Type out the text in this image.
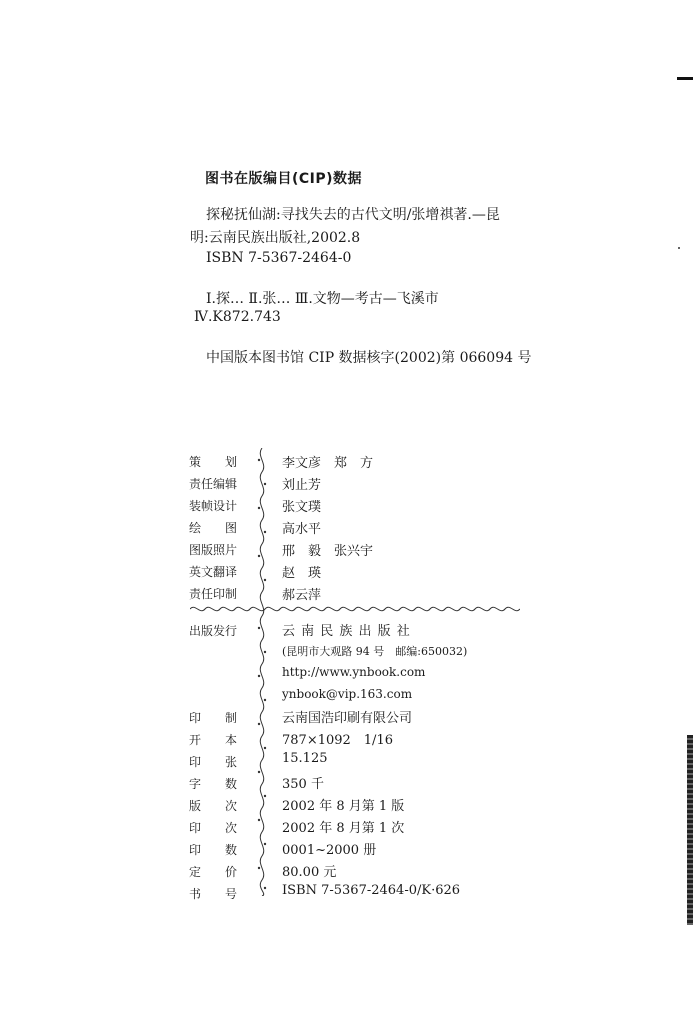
图书在版编目(CIP)数据
探秘抚仙湖:寻找失去的古代文明/张增祺著.—昆
明:云南民族出版社,2002.8
ISBN 7-5367-2464-0
Ⅰ.探… Ⅱ.张… Ⅲ.文物—考古—飞溪市
Ⅳ.K872.743
中国版本图书馆 CIP 数据核字(2002)第 066094 号
策　　划	李文彦　郑　方
责任编辑	刘止芳
装帧设计	张文璞
绘　　图	高水平
图版照片	邢　毅　张兴宇
英文翻译	赵　瑛
责任印制	郝云萍
出版发行	云 南 民 族 出 版 社
(昆明市大观路 94 号　邮编:650032)
http://www.ynbook.com
ynbook@vip.163.com
印　　制	云南国浩印刷有限公司
开　　本	787×1092　1/16
印　　张	15.125
字　　数	350 千
版　　次	2002 年 8 月第 1 版
印　　次	2002 年 8 月第 1 次
印　　数	0001~2000 册
定　　价	80.00 元
书　　号	ISBN 7-5367-2464-0/K·626
